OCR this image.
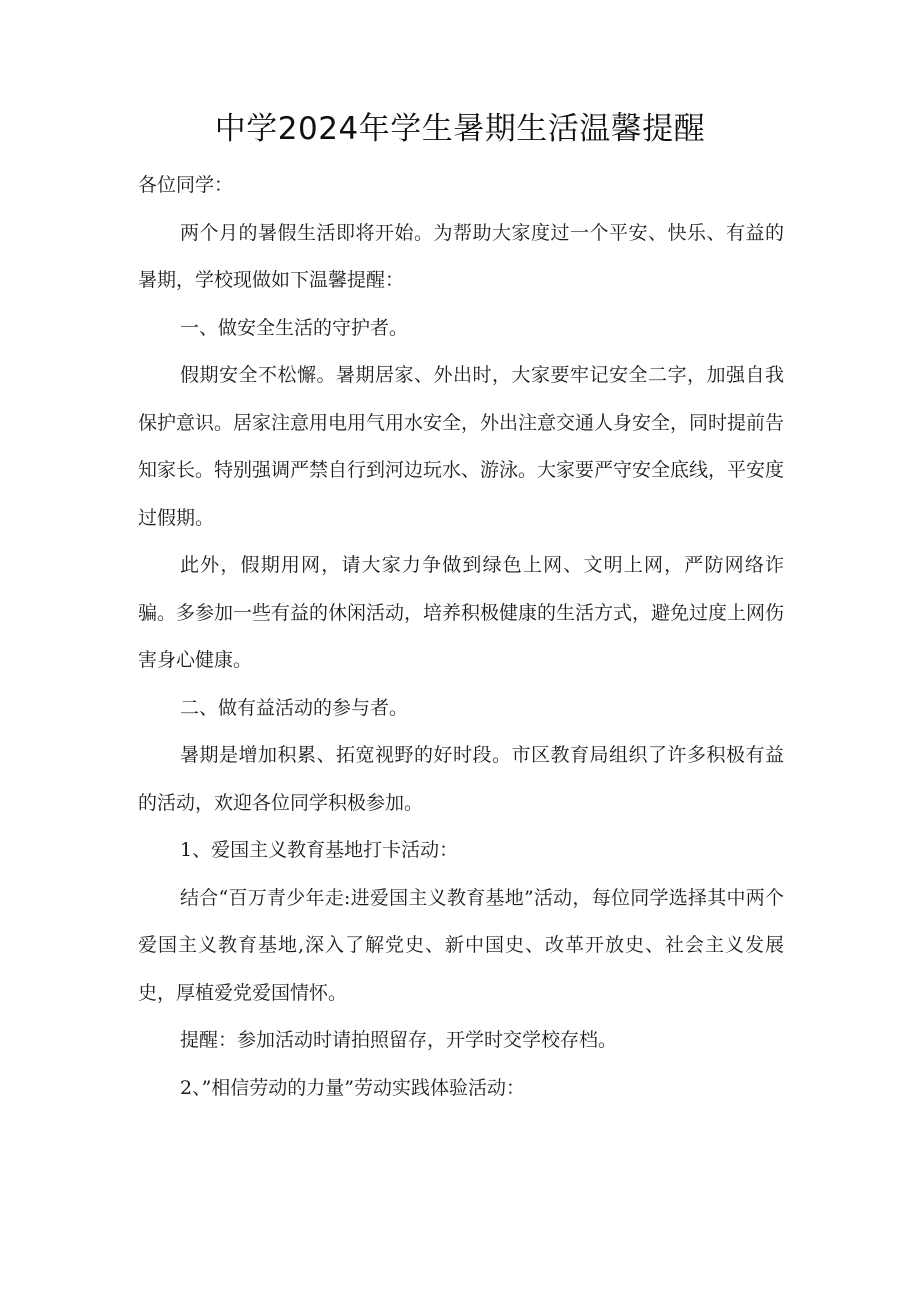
中学2024年学生暑期生活温馨提醒

各位同学：

两个月的暑假生活即将开始。为帮助大家度过一个平安、快乐、有益的暑期，学校现做如下温馨提醒：

一、做安全生活的守护者。

假期安全不松懈。暑期居家、外出时，大家要牢记安全二字，加强自我保护意识。居家注意用电用气用水安全，外出注意交通人身安全，同时提前告知家长。特别强调严禁自行到河边玩水、游泳。大家要严守安全底线，平安度过假期。

此外，假期用网，请大家力争做到绿色上网、文明上网，严防网络诈骗。多参加一些有益的休闲活动，培养积极健康的生活方式，避免过度上网伤害身心健康。

二、做有益活动的参与者。

暑期是增加积累、拓宽视野的好时段。市区教育局组织了许多积极有益的活动，欢迎各位同学积极参加。

1、爱国主义教育基地打卡活动：

结合“百万青少年走:进爱国主义教育基地”活动，每位同学选择其中两个爱国主义教育基地,深入了解党史、新中国史、改革开放史、社会主义发展史，厚植爱党爱国情怀。

提醒：参加活动时请拍照留存，开学时交学校存档。

2、”相信劳动的力量”劳动实践体验活动：
